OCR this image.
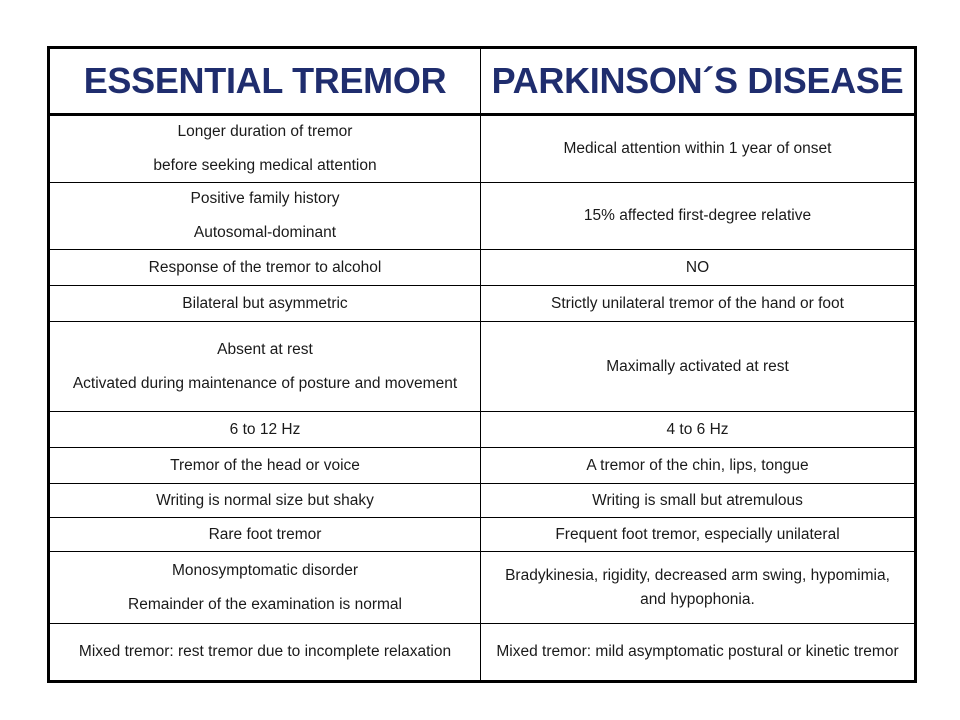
ESSENTIAL TREMOR	PARKINSON´S DISEASE

Longer duration of tremor
before seeking medical attention	Medical attention within 1 year of onset

Positive family history
Autosomal-dominant	15% affected first-degree relative

Response of the tremor to alcohol	NO

Bilateral but asymmetric	Strictly unilateral tremor of the hand or foot

Absent at rest
Activated during maintenance of posture and movement	Maximally activated at rest

6 to 12 Hz	4 to 6 Hz

Tremor of the head or voice	A tremor of the chin, lips, tongue

Writing is normal size but shaky	Writing is small but atremulous

Rare foot tremor	Frequent foot tremor, especially unilateral

Monosymptomatic disorder
Remainder of the examination is normal	Bradykinesia, rigidity, decreased arm swing, hypomimia, and hypophonia.

Mixed tremor: rest tremor due to incomplete relaxation	Mixed tremor: mild asymptomatic postural or kinetic tremor
